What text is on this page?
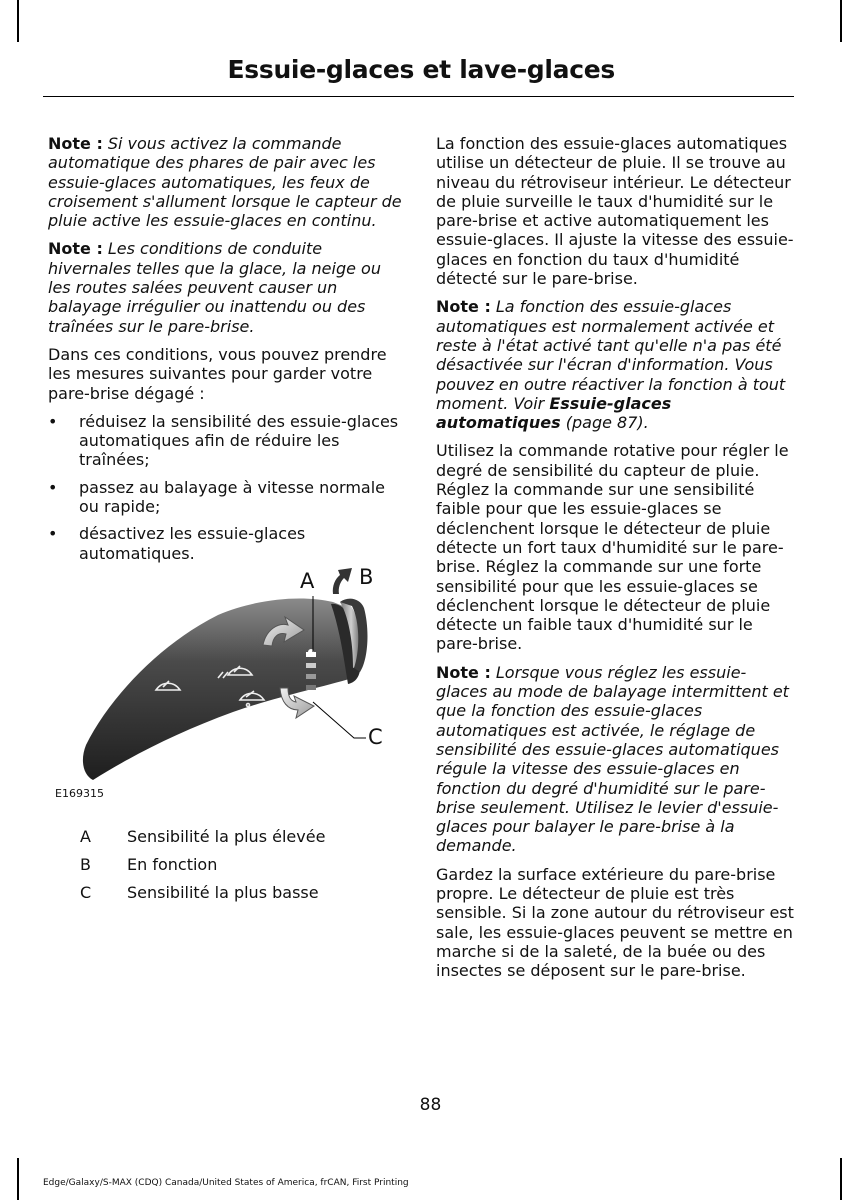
Essuie-glaces et lave-glaces

Note : Si vous activez la commande automatique des phares de pair avec les essuie-glaces automatiques, les feux de croisement s'allument lorsque le capteur de pluie active les essuie-glaces en continu.

Note : Les conditions de conduite hivernales telles que la glace, la neige ou les routes salées peuvent causer un balayage irrégulier ou inattendu ou des traînées sur le pare-brise.

Dans ces conditions, vous pouvez prendre les mesures suivantes pour garder votre pare-brise dégagé :

• réduisez la sensibilité des essuie-glaces automatiques afin de réduire les traînées;
• passez au balayage à vitesse normale ou rapide;
• désactivez les essuie-glaces automatiques.
A B
C
E169315
A	Sensibilité la plus élevée
B	En fonction
C	Sensibilité la plus basse

La fonction des essuie-glaces automatiques utilise un détecteur de pluie. Il se trouve au niveau du rétroviseur intérieur. Le détecteur de pluie surveille le taux d'humidité sur le pare-brise et active automatiquement les essuie-glaces. Il ajuste la vitesse des essuie-glaces en fonction du taux d'humidité détecté sur le pare-brise.

Note : La fonction des essuie-glaces automatiques est normalement activée et reste à l'état activé tant qu'elle n'a pas été désactivée sur l'écran d'information. Vous pouvez en outre réactiver la fonction à tout moment. Voir Essuie-glaces automatiques (page 87).

Utilisez la commande rotative pour régler le degré de sensibilité du capteur de pluie. Réglez la commande sur une sensibilité faible pour que les essuie-glaces se déclenchent lorsque le détecteur de pluie détecte un fort taux d'humidité sur le pare-brise. Réglez la commande sur une forte sensibilité pour que les essuie-glaces se déclenchent lorsque le détecteur de pluie détecte un faible taux d'humidité sur le pare-brise.

Note : Lorsque vous réglez les essuie-glaces au mode de balayage intermittent et que la fonction des essuie-glaces automatiques est activée, le réglage de sensibilité des essuie-glaces automatiques régule la vitesse des essuie-glaces en fonction du degré d'humidité sur le pare-brise seulement. Utilisez le levier d'essuie-glaces pour balayer le pare-brise à la demande.

Gardez la surface extérieure du pare-brise propre. Le détecteur de pluie est très sensible. Si la zone autour du rétroviseur est sale, les essuie-glaces peuvent se mettre en marche si de la saleté, de la buée ou des insectes se déposent sur le pare-brise.

88
Edge/Galaxy/S-MAX (CDQ) Canada/United States of America, frCAN, First Printing
